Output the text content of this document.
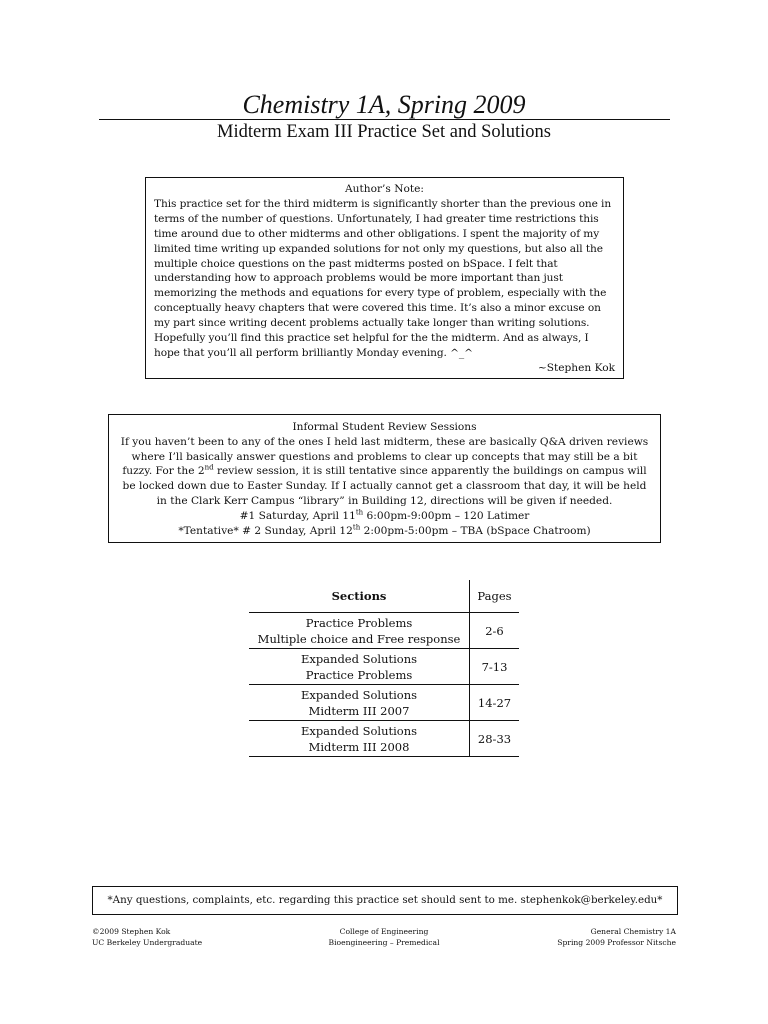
Chemistry 1A, Spring 2009
Midterm Exam III Practice Set and Solutions
Author’s Note:
This practice set for the third midterm is significantly shorter than the previous one in terms of the number of questions. Unfortunately, I had greater time restrictions this time around due to other midterms and other obligations. I spent the majority of my limited time writing up expanded solutions for not only my questions, but also all the multiple choice questions on the past midterms posted on bSpace. I felt that understanding how to approach problems would be more important than just memorizing the methods and equations for every type of problem, especially with the conceptually heavy chapters that were covered this time. It’s also a minor excuse on my part since writing decent problems actually take longer than writing solutions. Hopefully you’ll find this practice set helpful for the the midterm. And as always, I hope that you’ll all perform brilliantly Monday evening. ^_^
~Stephen Kok
Informal Student Review Sessions
If you haven’t been to any of the ones I held last midterm, these are basically Q&A driven reviews where I’ll basically answer questions and problems to clear up concepts that may still be a bit fuzzy. For the 2nd review session, it is still tentative since apparently the buildings on campus will be locked down due to Easter Sunday. If I actually cannot get a classroom that day, it will be held in the Clark Kerr Campus “library” in Building 12, directions will be given if needed.
#1 Saturday, April 11th 6:00pm-9:00pm – 120 Latimer
*Tentative* # 2 Sunday, April 12th 2:00pm-5:00pm – TBA (bSpace Chatroom)
Sections	Pages

Practice Problems
Multiple choice and Free response	2-6

Expanded Solutions
Practice Problems	7-13

Expanded Solutions
Midterm III 2007	14-27

Expanded Solutions
Midterm III 2008	28-33
*Any questions, complaints, etc. regarding this practice set should sent to me. stephenkok@berkeley.edu*
©2009 Stephen Kok
UC Berkeley Undergraduate
College of Engineering
Bioengineering – Premedical
General Chemistry 1A
Spring 2009 Professor Nitsche
